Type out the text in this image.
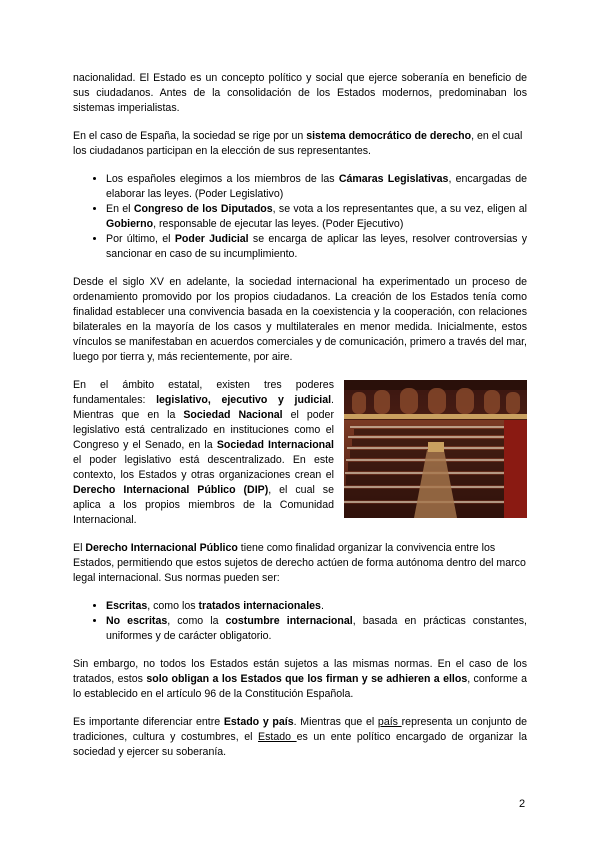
nacionalidad. El Estado es un concepto político y social que ejerce soberanía en beneficio de sus ciudadanos. Antes de la consolidación de los Estados modernos, predominaban los sistemas imperialistas.

En el caso de España, la sociedad se rige por un sistema democrático de derecho, en el cual los ciudadanos participan en la elección de sus representantes.

• Los españoles elegimos a los miembros de las Cámaras Legislativas, encargadas de elaborar las leyes. (Poder Legislativo)
• En el Congreso de los Diputados, se vota a los representantes que, a su vez, eligen al Gobierno, responsable de ejecutar las leyes. (Poder Ejecutivo)
• Por último, el Poder Judicial se encarga de aplicar las leyes, resolver controversias y sancionar en caso de su incumplimiento.

Desde el siglo XV en adelante, la sociedad internacional ha experimentado un proceso de ordenamiento promovido por los propios ciudadanos. La creación de los Estados tenía como finalidad establecer una convivencia basada en la coexistencia y la cooperación, con relaciones bilaterales en la mayoría de los casos y multilaterales en menor medida. Inicialmente, estos vínculos se manifestaban en acuerdos comerciales y de comunicación, primero a través del mar, luego por tierra y, más recientemente, por aire.

En el ámbito estatal, existen tres poderes fundamentales: legislativo, ejecutivo y judicial. Mientras que en la Sociedad Nacional el poder legislativo está centralizado en instituciones como el Congreso y el Senado, en la Sociedad Internacional el poder legislativo está descentralizado. En este contexto, los Estados y otras organizaciones crean el Derecho Internacional Público (DIP), el cual se aplica a los propios miembros de la Comunidad Internacional.

El Derecho Internacional Público tiene como finalidad organizar la convivencia entre los Estados, permitiendo que estos sujetos de derecho actúen de forma autónoma dentro del marco legal internacional. Sus normas pueden ser:

• Escritas, como los tratados internacionales.
• No escritas, como la costumbre internacional, basada en prácticas constantes, uniformes y de carácter obligatorio.

Sin embargo, no todos los Estados están sujetos a las mismas normas. En el caso de los tratados, estos solo obligan a los Estados que los firman y se adhieren a ellos, conforme a lo establecido en el artículo 96 de la Constitución Española.

Es importante diferenciar entre Estado y país. Mientras que el país representa un conjunto de tradiciones, cultura y costumbres, el Estado es un ente político encargado de organizar la sociedad y ejercer su soberanía.

2
